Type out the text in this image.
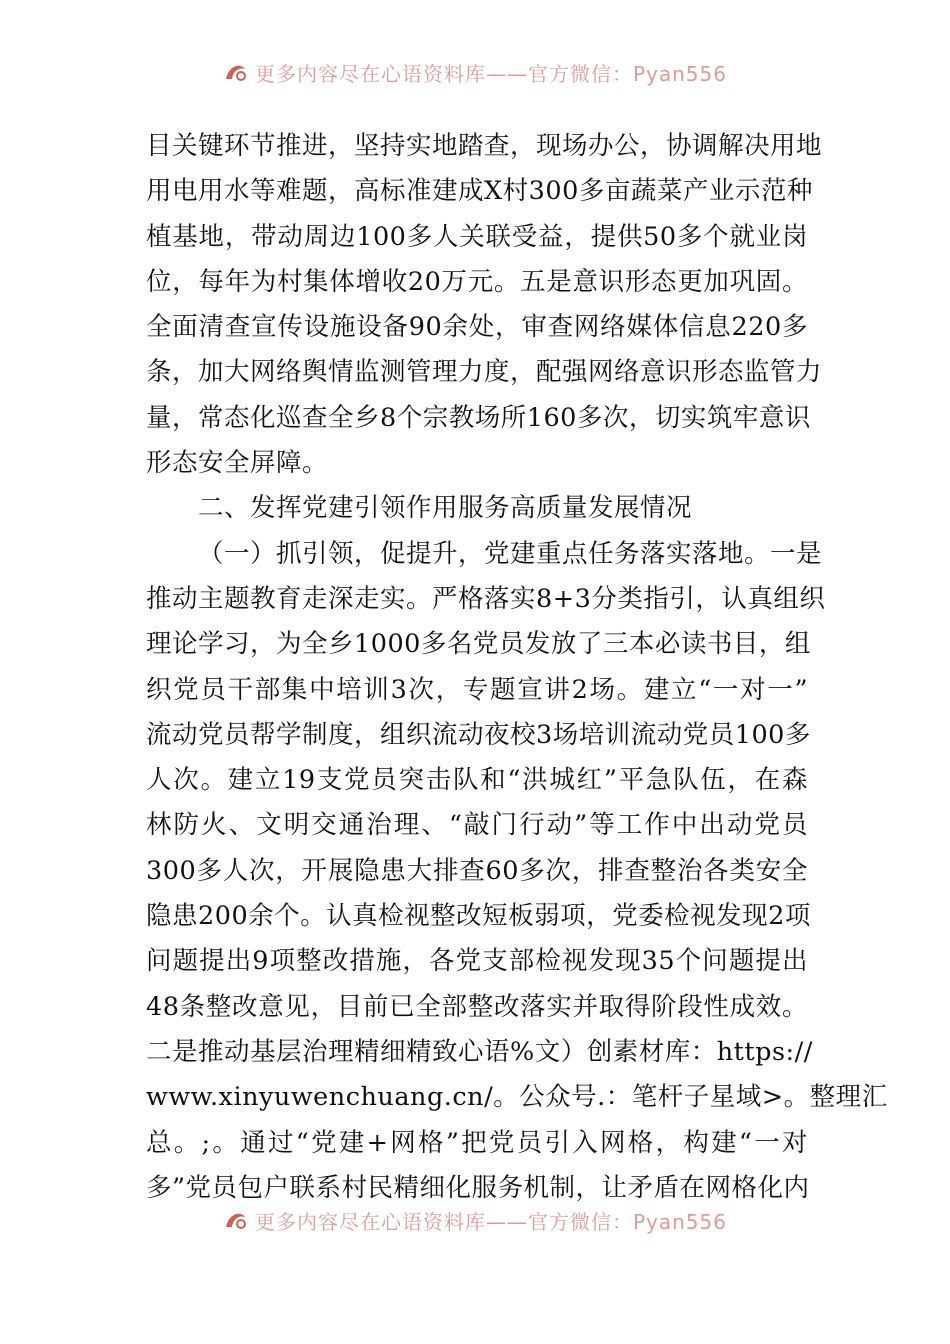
更多内容尽在心语资料库——官方微信：Pyan556
目关键环节推进，坚持实地踏查，现场办公，协调解决用地
用电用水等难题，高标准建成X村300多亩蔬菜产业示范种
植基地，带动周边100多人关联受益，提供50多个就业岗
位，每年为村集体增收20万元。五是意识形态更加巩固。
全面清查宣传设施设备90余处，审查网络媒体信息220多
条，加大网络舆情监测管理力度，配强网络意识形态监管力
量，常态化巡查全乡8个宗教场所160多次，切实筑牢意识
形态安全屏障。
二、发挥党建引领作用服务高质量发展情况
（一）抓引领，促提升，党建重点任务落实落地。一是
推动主题教育走深走实。严格落实8+3分类指引，认真组织
理论学习，为全乡1000多名党员发放了三本必读书目，组
织党员干部集中培训3次，专题宣讲2场。建立“一对一”
流动党员帮学制度，组织流动夜校3场培训流动党员100多
人次。建立19支党员突击队和“洪城红”平急队伍，在森
林防火、文明交通治理、“敲门行动”等工作中出动党员
300多人次，开展隐患大排查60多次，排查整治各类安全
隐患200余个。认真检视整改短板弱项，党委检视发现2项
问题提出9项整改措施，各党支部检视发现35个问题提出
48条整改意见，目前已全部整改落实并取得阶段性成效。
二是推动基层治理精细精致心语%文）创素材库：https://
www.xinyuwenchuang.cn/。公众号.：笔杆子星域>。整理汇
总。;。通过“党建+网格”把党员引入网格，构建“一对
多”党员包户联系村民精细化服务机制，让矛盾在网格化内
更多内容尽在心语资料库——官方微信：Pyan556
